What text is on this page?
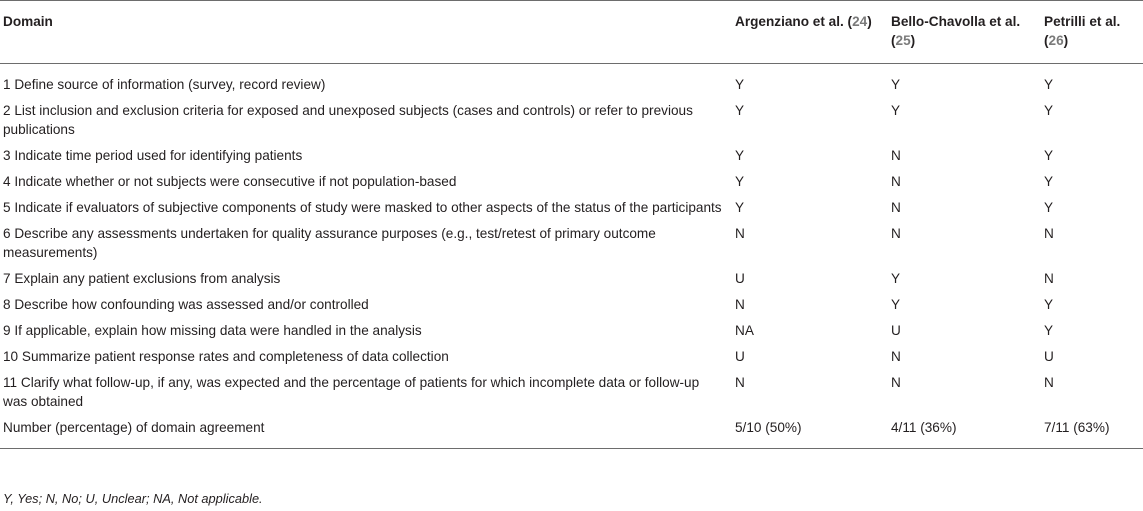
Domain	Argenziano et al. (24)	Bello-Chavolla et al. (25)	Petrilli et al. (26)
1 Define source of information (survey, record review)	Y	Y	Y
2 List inclusion and exclusion criteria for exposed and unexposed subjects (cases and controls) or refer to previous publications	Y	Y	Y
3 Indicate time period used for identifying patients	Y	N	Y
4 Indicate whether or not subjects were consecutive if not population-based	Y	N	Y
5 Indicate if evaluators of subjective components of study were masked to other aspects of the status of the participants	Y	N	Y
6 Describe any assessments undertaken for quality assurance purposes (e.g., test/retest of primary outcome measurements)	N	N	N
7 Explain any patient exclusions from analysis	U	Y	N
8 Describe how confounding was assessed and/or controlled	N	Y	Y
9 If applicable, explain how missing data were handled in the analysis	NA	U	Y
10 Summarize patient response rates and completeness of data collection	U	N	U
11 Clarify what follow-up, if any, was expected and the percentage of patients for which incomplete data or follow-up was obtained	N	N	N
Number (percentage) of domain agreement	5/10 (50%)	4/11 (36%)	7/11 (63%)
Y, Yes; N, No; U, Unclear; NA, Not applicable.
